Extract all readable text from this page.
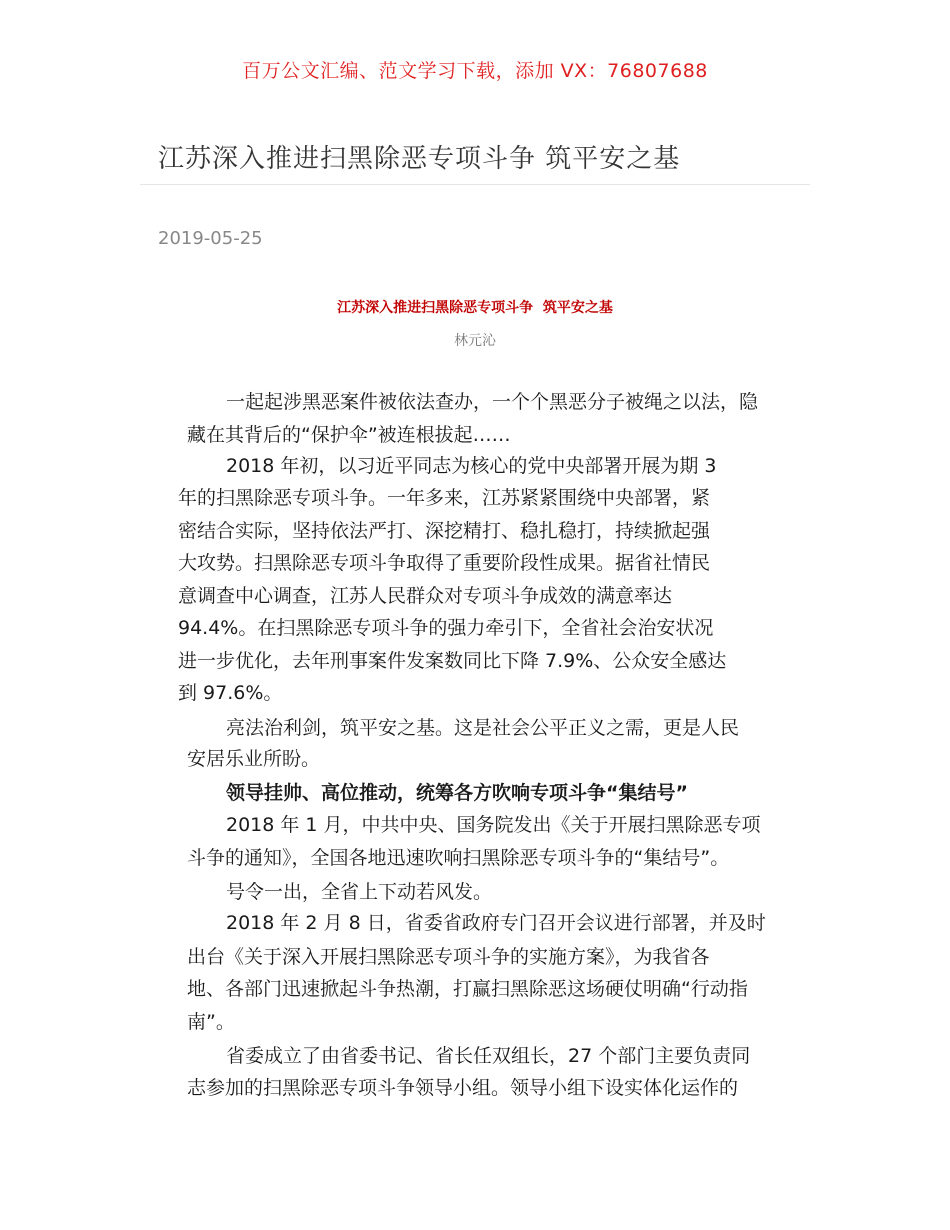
百万公文汇编、范文学习下载，添加 VX：76807688
江苏深入推进扫黑除恶专项斗争 筑平安之基
2019-05-25
江苏深入推进扫黑除恶专项斗争  筑平安之基
林元沁
一起起涉黑恶案件被依法查办，一个个黑恶分子被绳之以法，隐
藏在其背后的“保护伞”被连根拔起……
2018 年初，以习近平同志为核心的党中央部署开展为期 3
年的扫黑除恶专项斗争。一年多来，江苏紧紧围绕中央部署，紧
密结合实际，坚持依法严打、深挖精打、稳扎稳打，持续掀起强
大攻势。扫黑除恶专项斗争取得了重要阶段性成果。据省社情民
意调查中心调查，江苏人民群众对专项斗争成效的满意率达
94.4%。在扫黑除恶专项斗争的强力牵引下，全省社会治安状况
进一步优化，去年刑事案件发案数同比下降 7.9%、公众安全感达
到 97.6%。
亮法治利剑，筑平安之基。这是社会公平正义之需，更是人民
安居乐业所盼。
领导挂帅、高位推动，统筹各方吹响专项斗争“集结号”
2018 年 1 月，中共中央、国务院发出《关于开展扫黑除恶专项
斗争的通知》，全国各地迅速吹响扫黑除恶专项斗争的“集结号”。
号令一出，全省上下动若风发。
2018 年 2 月 8 日，省委省政府专门召开会议进行部署，并及时
出台《关于深入开展扫黑除恶专项斗争的实施方案》，为我省各
地、各部门迅速掀起斗争热潮，打赢扫黑除恶这场硬仗明确“行动指
南”。
省委成立了由省委书记、省长任双组长，27 个部门主要负责同
志参加的扫黑除恶专项斗争领导小组。领导小组下设实体化运作的
